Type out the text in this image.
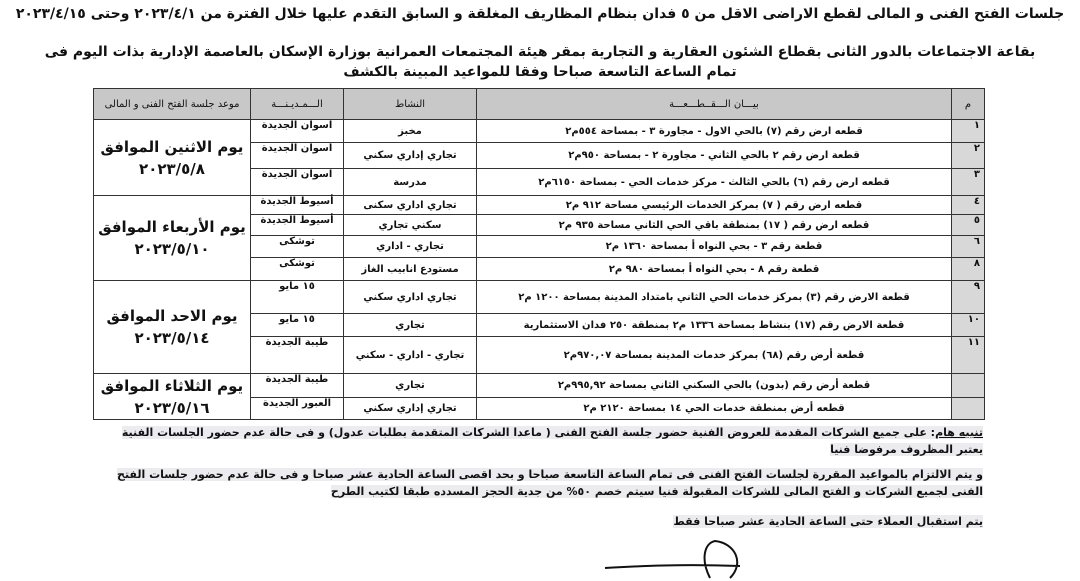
جلسات الفتح الفنى و المالى لقطع الاراضى الاقل من ٥ فدان بنظام المظاريف المغلقة و السابق التقدم عليها خلال الفترة من ٢٠٢٣/٤/١ وحتى ٢٠٢٣/٤/١٥
بقاعة الاجتماعات بالدور الثانى بقطاع الشئون العقارية و التجارية بمقر هيئة المجتمعات العمرانية بوزارة الإسكان بالعاصمة الإدارية بذات اليوم فى
تمام الساعة التاسعة صباحا وفقا للمواعيد المبينة بالكشف
م	بيـــان الـــقــطـــعـــة	النشاط	الـــمـديـنـــة	موعد جلسة الفتح الفنى و المالى
١	قطعه ارض رقم (٧) بالحي الاول - مجاورة ٣ - بمساحة ٥٥٤م٢	مخبز	اسوان الجديدة	يوم الاثنين الموافق
٢٠٢٣/٥/٨

٢	قطعة ارض رقم ٢ بالحي الثاني - مجاورة ٢ - بمساحة ٩٥٠م٢	تجاري إداري سكني	اسوان الجديدة	
٣	قطعه ارض رقم (٦) بالحي الثالث - مركز خدمات الحي - بمساحة ٦١٥٠م٢	مدرسة	اسوان الجديدة	
٤	قطعه ارض رقم ( ٧) بمركز الخدمات الرئيسي مساحة ٩١٢ م٢	تجاري اداري سكنى	أسيوط الجديدة	يوم الأربعاء الموافق
٢٠٢٣/٥/١٠

٥	قطعه ارض رقم ( ١٧) بمنطقة باقي الحي الثاني مساحة ٩٣٥ م٢	سكني تجاري	أسيوط الجديدة	
٦	قطعة رقم ٣ - بحي النواه أ بمساحة ١٣٦٠ م٢	تجاري - اداري	توشكى	
٨	قطعة رقم ٨ - بحي النواه أ بمساحة ٩٨٠ م٢	مستودع انابيب الغاز	توشكى	
٩	قطعة الارض رقم (٣) بمركز خدمات الحي الثاني بامتداد المدينة بمساحة ١٢٠٠ م٢	تجاري اداري سكني	١٥ مايو	يوم الاحد الموافق
٢٠٢٣/٥/١٤

١٠	قطعة الارض رقم (١٧) بنشاط بمساحة ١٣٣٦ م٢ بمنطقة ٢٥٠ فدان الاستثمارية	تجاري	١٥ مايو	
١١	قطعة أرض رقم (٦٨) بمركز خدمات المدينة بمساحة ٩٧٠,٠٧م٢	تجاري - اداري - سكني	طيبة الجديدة	
	قطعة أرض رقم (بدون) بالحي السكني الثاني بمساحة ٩٩٥,٩٢م٢	تجاري	طيبة الجديدة	يوم الثلاثاء الموافق
٢٠٢٣/٥/١٦

	قطعه أرض بمنطقة خدمات الحي ١٤ بمساحة ٢١٢٠ م٢	تجاري إداري سكني	العبور الجديدة	
تنبيه هام: على جميع الشركات المقدمة للعروض الفنية حضور جلسة الفتح الفنى ( ماعدا الشركات المتقدمة بطلبات عدول) و فى حالة عدم حضور الجلسات الفنية
يعتبر المظروف مرفوضا فنيا
و يتم الالتزام بالمواعيد المقررة لجلسات الفتح الفنى فى تمام الساعة التاسعة صباحا و بحد اقصى الساعة الحادية عشر صباحا و فى حالة عدم حضور جلسات الفتح
الفنى لجميع الشركات و الفتح المالى للشركات المقبولة فنيا سيتم خصم ٥٠% من جدية الحجز المسدده طبقا لكتيب الطرح
يتم استقبال العملاء حتى الساعة الحادية عشر صباحا فقط
